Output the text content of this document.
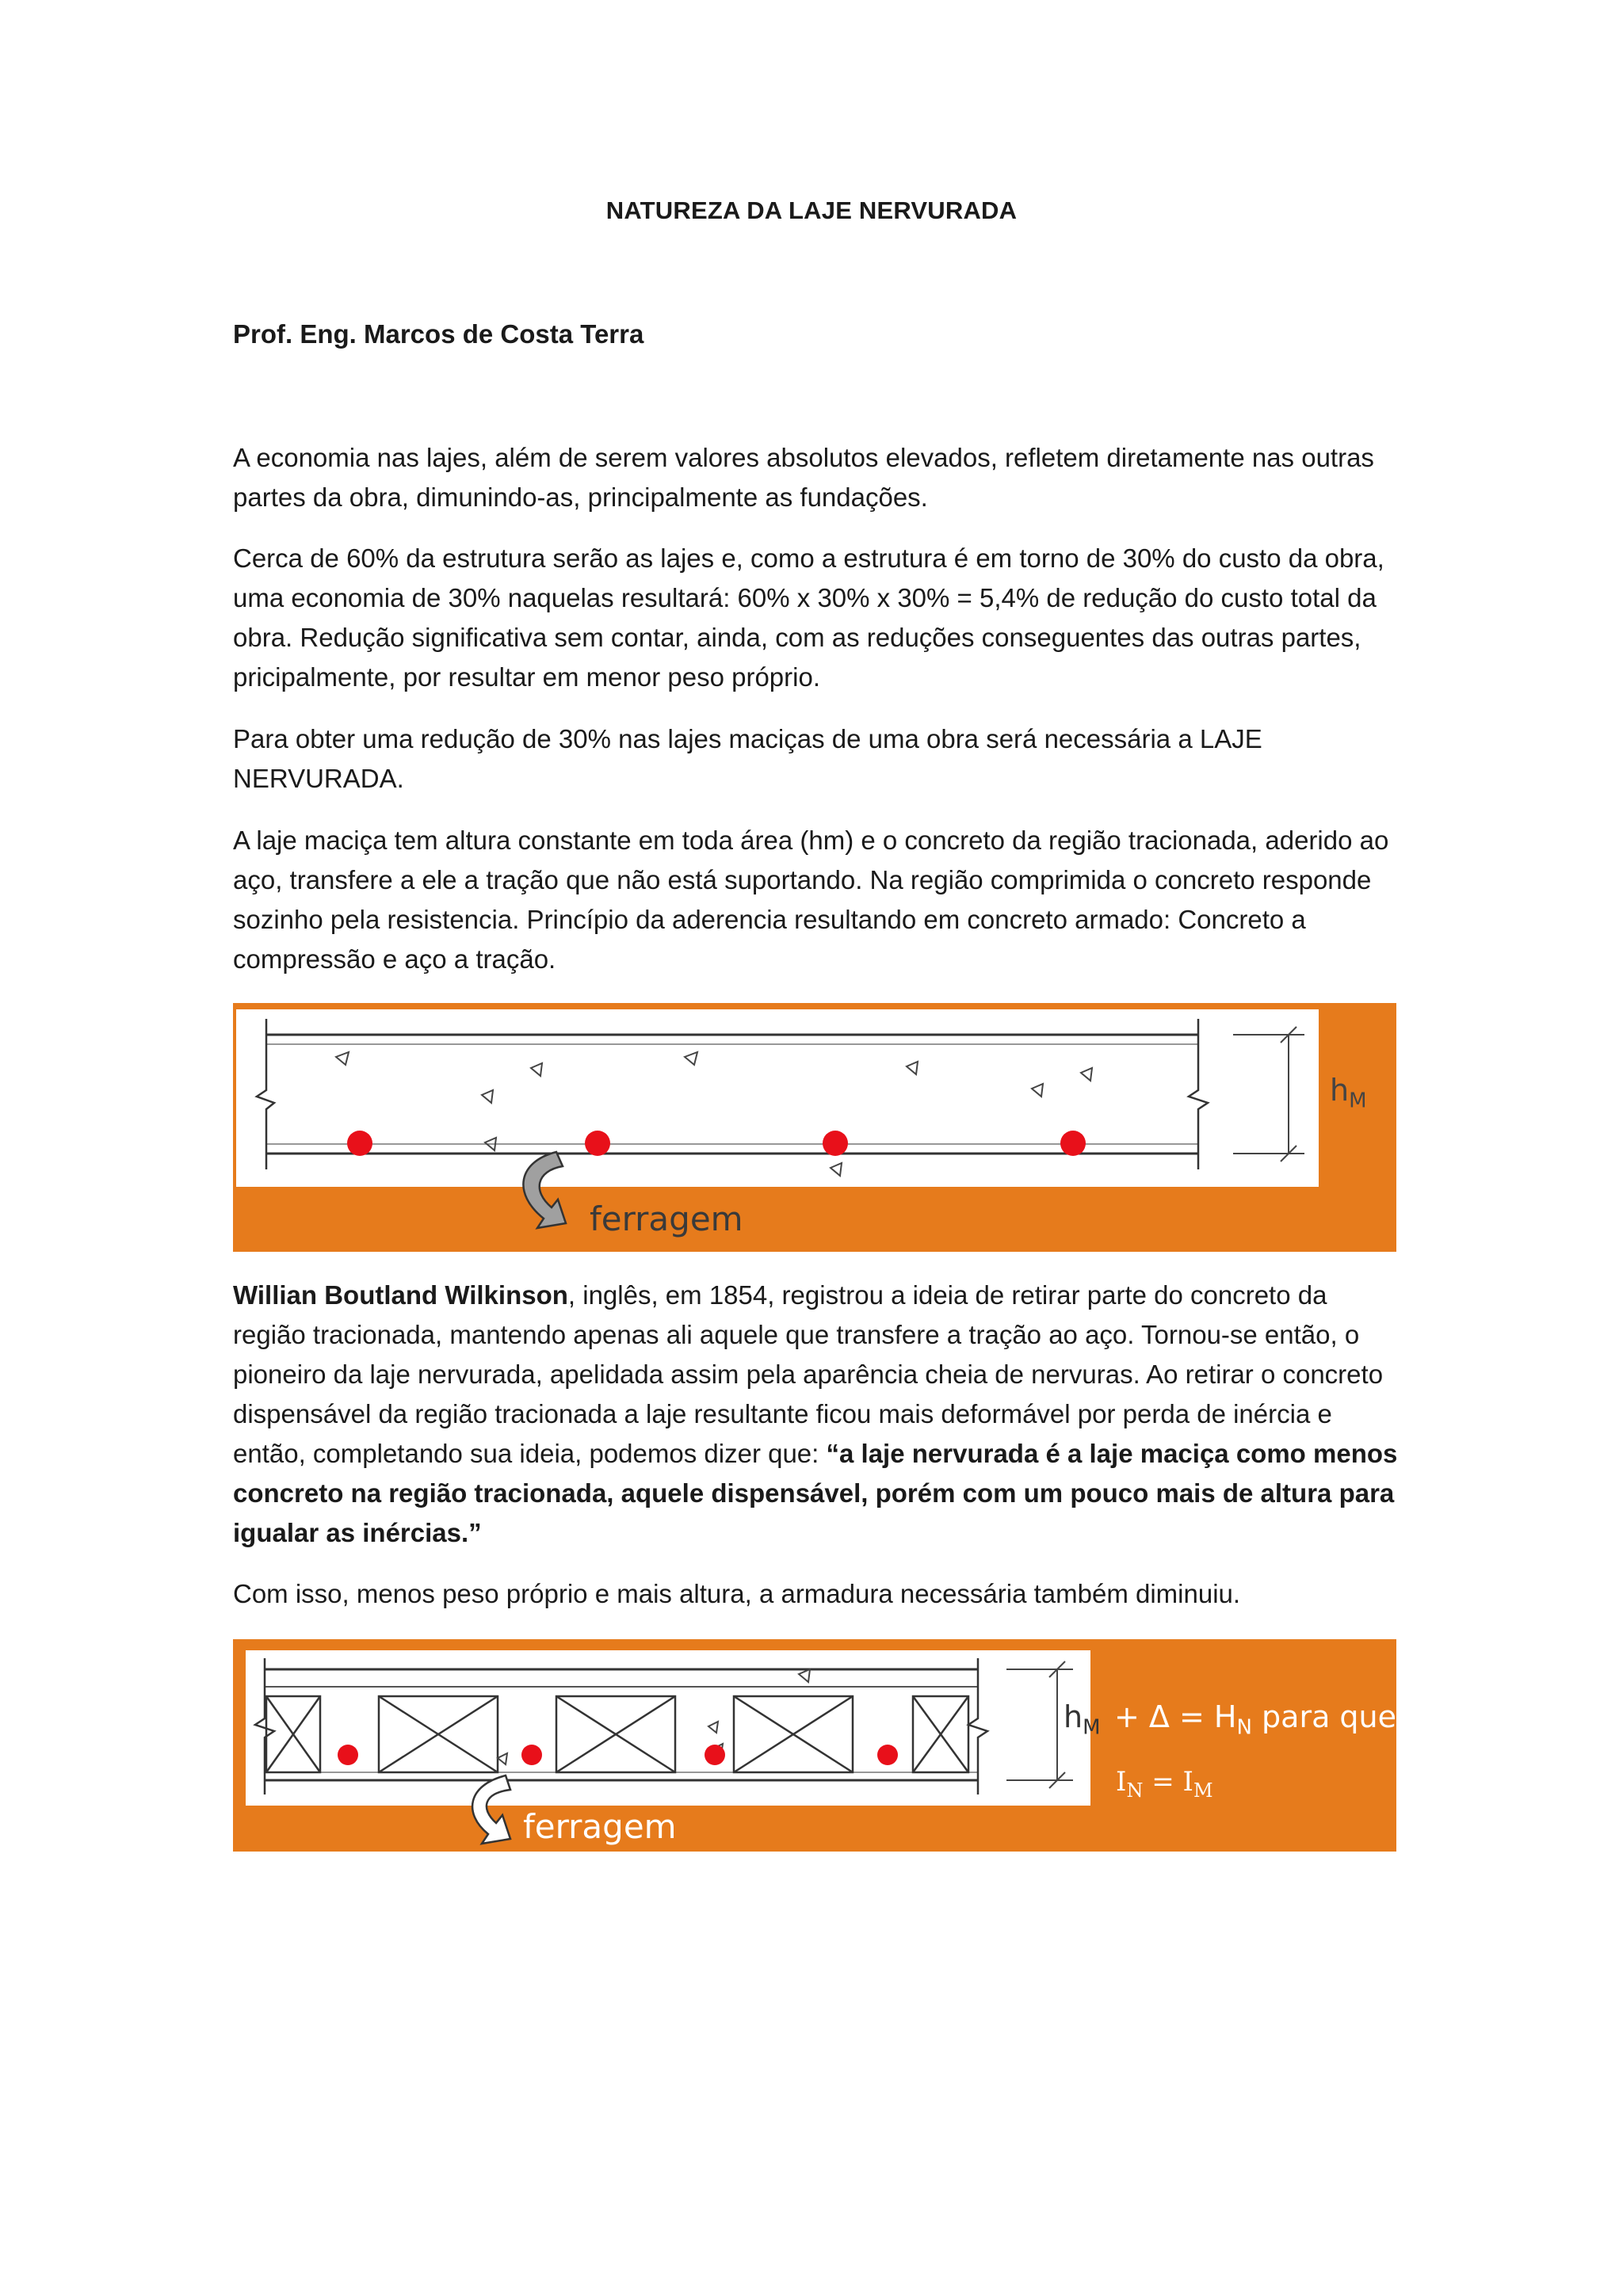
NATUREZA DA LAJE NERVURADA
Prof. Eng. Marcos de Costa Terra

A economia nas lajes, além de serem valores absolutos elevados, refletem diretamente nas outras partes da obra, dimunindo-as, principalmente as fundações.

Cerca de 60% da estrutura serão as lajes e, como a estrutura é em torno de 30% do custo da obra, uma economia de 30% naquelas resultará: 60% x 30% x 30% = 5,4% de redução do custo total da obra. Redução significativa sem contar, ainda, com as reduções conseguentes das outras partes, pricipalmente, por resultar em menor peso próprio.

Para obter uma redução de 30% nas lajes maciças de uma obra será necessária a LAJE NERVURADA.

A laje maciça tem altura constante em toda área (hm) e o concreto da região tracionada, aderido ao aço, transfere a ele a tração que não está suportando. Na região comprimida o concreto responde sozinho pela resistencia. Princípio da aderencia resultando em concreto armado: Concreto a compressão e aço a tração.

$h_M$
ferragem

Willian Boutland Wilkinson, inglês, em 1854, registrou a ideia de retirar parte do concreto da região tracionada, mantendo apenas ali aquele que transfere a tração ao aço. Tornou-se então, o pioneiro da laje nervurada, apelidada assim pela aparência cheia de nervuras. Ao retirar o concreto dispensável da região tracionada a laje resultante ficou mais deformável por perda de inércia e então, completando sua ideia, podemos dizer que: “a laje nervurada é a laje maciça como menos concreto na região tracionada, aquele dispensável, porém com um pouco mais de altura para igualar as inércias.”

Com isso, menos peso próprio e mais altura, a armadura necessária também diminuiu.

ferragem
$h_M + \Delta = H_N$ para que
$I_N = I_M$
